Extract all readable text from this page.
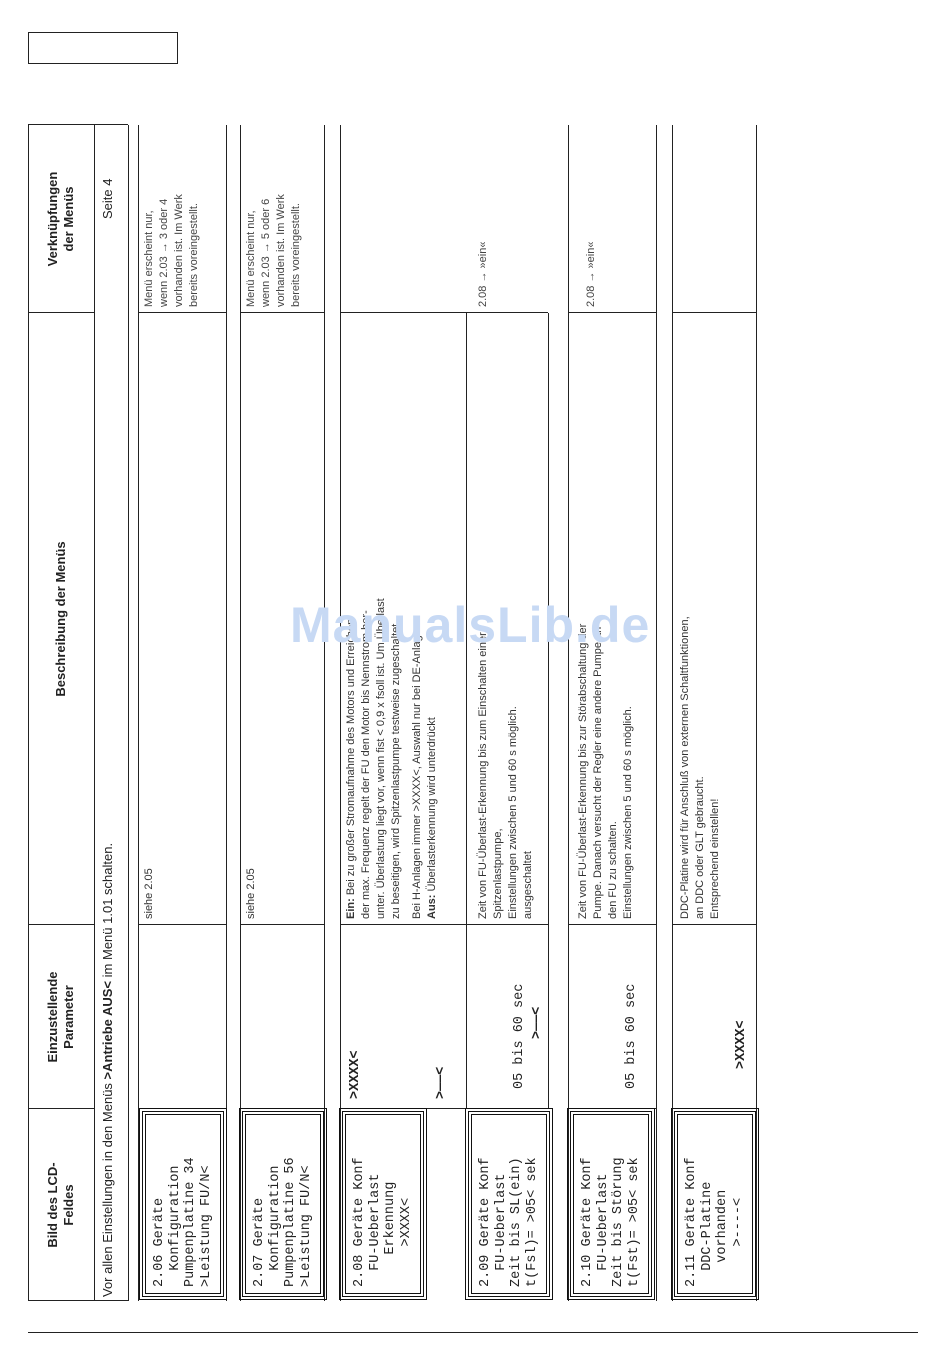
Bild des LCD-
Feldes
Einzustellende
Parameter
Beschreibung der Menüs
Verknüpfungen
der Menüs
Vor allen Einstellungen in den Menüs >Antriebe AUS< im Menü 1.01 schalten.
Seite 4
2.06 Geräte
Konfiguration
Pumpenplatine 34
>Leistung FU/N<
siehe 2.05
Menü erscheint nur,
wenn 2.03 → 3 oder 4
vorhanden ist. Im Werk
bereits voreingestellt.
2.07 Geräte
Konfiguration
Pumpenplatine 56
>Leistung FU/N<
siehe 2.05
Menü erscheint nur,
wenn 2.03 → 5 oder 6
vorhanden ist. Im Werk
bereits voreingestellt.
2.08 Geräte Konf
FU-Ueberlast
Erkennung
>XXXX<
>XXXX<	>——<
Ein: Bei zu großer Stromaufnahme des Motors und Erreichen
der max. Frequenz regelt der FU den Motor bis Nennstrom her-
unter. Überlastung liegt vor, wenn fist < 0,9 x fsoll ist. Um Überlast
zu beseitigen, wird Spitzenlastpumpe testweise zugeschaltet. Bei H-Anlagen immer >XXXX<, Auswahl nur bei DE-Anlagen Aus: Überlasterkennung wird unterdrückt
2.09 Geräte Konf
FU-Ueberlast
Zeit bis SL(ein)
t(Fsl)= >05< sek
05 bis 60 sec >——<
Zeit von FU-Überlast-Erkennung bis zum Einschalten einer
Spitzenlastpumpe,
Einstellungen zwischen 5 und 60 s möglich.
ausgeschaltet
2.08 → »ein«
2.10 Geräte Konf
FU-Ueberlast
Zeit bis Störung
t(Fst)= >05< sek
05 bis 60 sec
Zeit von FU-Überlast-Erkennung bis zur Störabschaltung der
Pumpe. Danach versucht der Regler eine andere Pumpe an
den FU zu schalten.
Einstellungen zwischen 5 und 60 s möglich.
2.08 → »ein«
2.11 Geräte Konf
DDC-Platine
vorhanden
>----<
>XXXX<
DDC-Platine wird für Anschluß von externen Schaltfunktionen,
an DDC oder GLT gebraucht.
Entsprechend einstellen!
ManualsLib.de
